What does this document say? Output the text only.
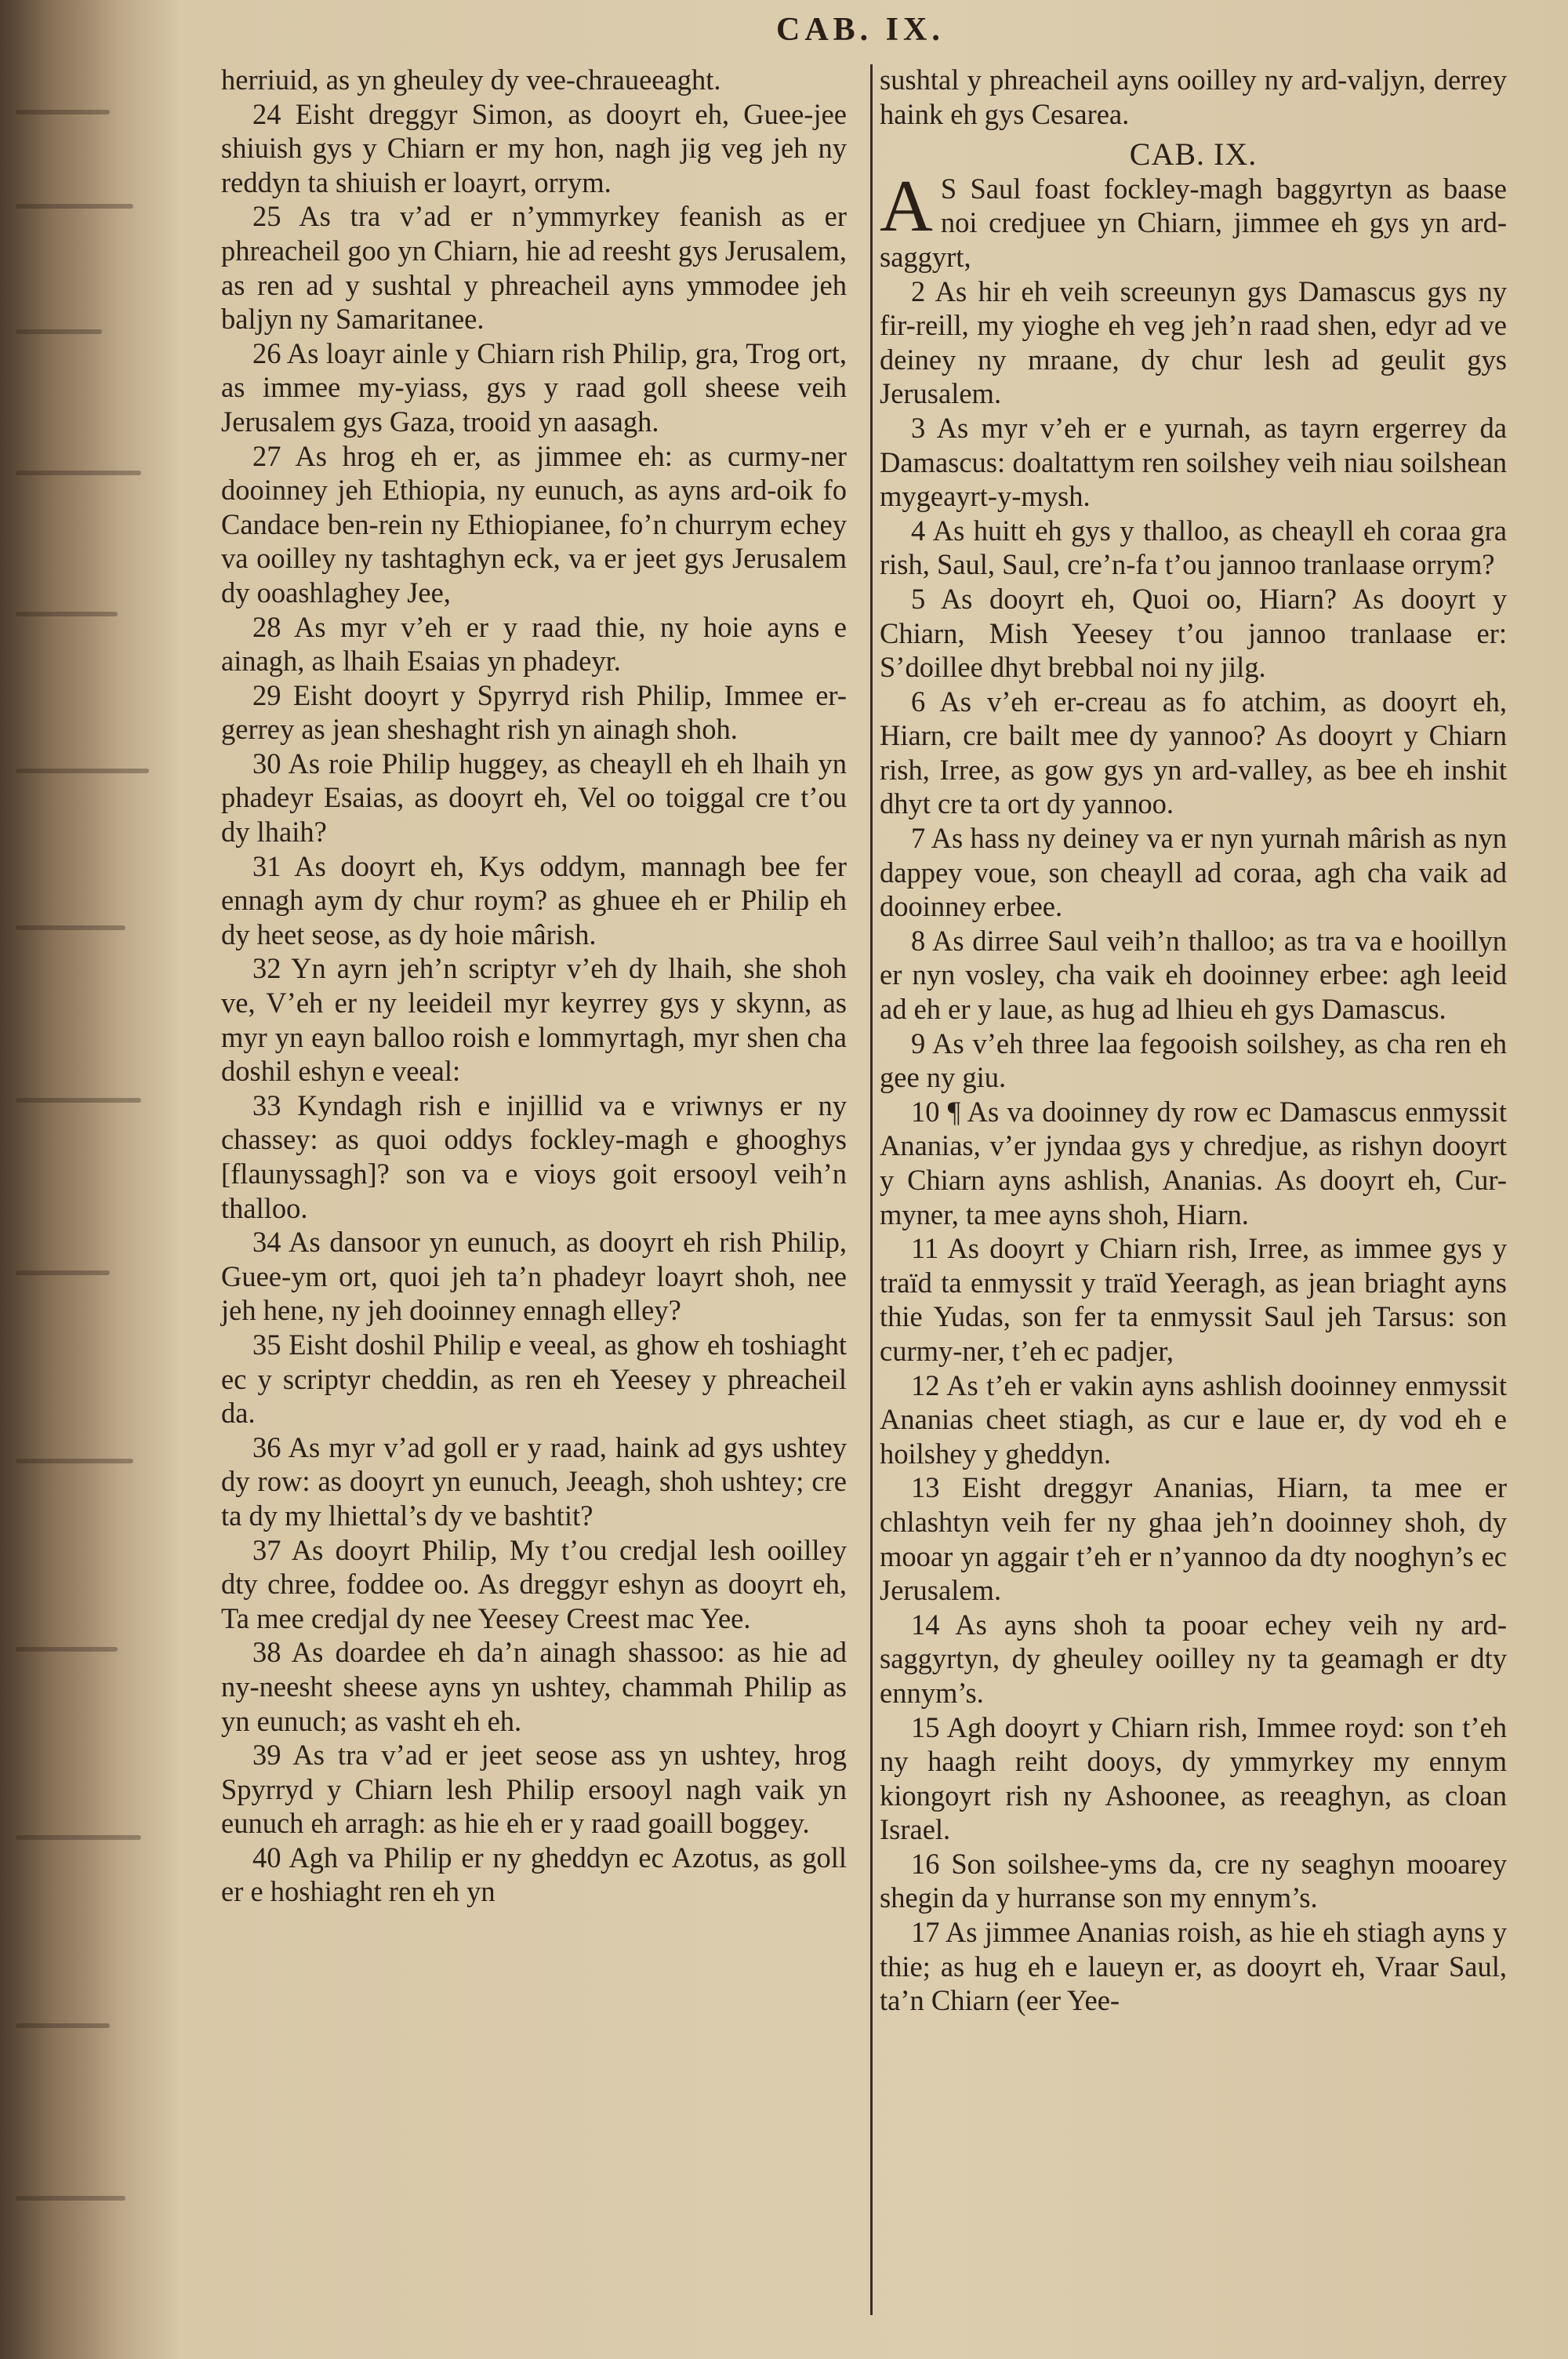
CAB. IX.

herriuid, as yn gheuley dy vee-chraueeaght.

24 Eisht dreggyr Simon, as dooyrt eh, Guee-jee shiuish gys y Chiarn er my hon, nagh jig veg jeh ny reddyn ta shiuish er loayrt, orrym.

25 As tra v’ad er n’ymmyrkey feanish as er phreacheil goo yn Chiarn, hie ad reesht gys Jerusalem, as ren ad y sushtal y phreacheil ayns ymmodee jeh baljyn ny Samaritanee.

26 As loayr ainle y Chiarn rish Philip, gra, Trog ort, as immee my-yiass, gys y raad goll sheese veih Jerusalem gys Gaza, trooid yn aasagh.

27 As hrog eh er, as jimmee eh: as curmy-ner dooinney jeh Ethiopia, ny eunuch, as ayns ard-oik fo Candace ben-rein ny Ethiopianee, fo’n churrym echey va ooilley ny tashtaghyn eck, va er jeet gys Jerusalem dy ooashlaghey Jee,

28 As myr v’eh er y raad thie, ny hoie ayns e ainagh, as lhaih Esaias yn phadeyr.

29 Eisht dooyrt y Spyrryd rish Philip, Immee er-gerrey as jean sheshaght rish yn ainagh shoh.

30 As roie Philip huggey, as cheayll eh eh lhaih yn phadeyr Esaias, as dooyrt eh, Vel oo toiggal cre t’ou dy lhaih?

31 As dooyrt eh, Kys oddym, mannagh bee fer ennagh aym dy chur roym? as ghuee eh er Philip eh dy heet seose, as dy hoie mârish.

32 Yn ayrn jeh’n scriptyr v’eh dy lhaih, she shoh ve, V’eh er ny leeideil myr keyrrey gys y skynn, as myr yn eayn balloo roish e lommyrtagh, myr shen cha doshil eshyn e veeal:

33 Kyndagh rish e injillid va e vriwnys er ny chassey: as quoi oddys fockley-magh e ghooghys [flaunyssagh]? son va e vioys goit ersooyl veih’n thalloo.

34 As dansoor yn eunuch, as dooyrt eh rish Philip, Guee-ym ort, quoi jeh ta’n phadeyr loayrt shoh, nee jeh hene, ny jeh dooinney ennagh elley?

35 Eisht doshil Philip e veeal, as ghow eh toshiaght ec y scriptyr cheddin, as ren eh Yeesey y phreacheil da.

36 As myr v’ad goll er y raad, haink ad gys ushtey dy row: as dooyrt yn eunuch, Jeeagh, shoh ushtey; cre ta dy my lhiettal’s dy ve bashtit?

37 As dooyrt Philip, My t’ou credjal lesh ooilley dty chree, foddee oo. As dreggyr eshyn as dooyrt eh, Ta mee credjal dy nee Yeesey Creest mac Yee.

38 As doardee eh da’n ainagh shassoo: as hie ad ny-neesht sheese ayns yn ushtey, chammah Philip as yn eunuch; as vasht eh eh.

39 As tra v’ad er jeet seose ass yn ushtey, hrog Spyrryd y Chiarn lesh Philip ersooyl nagh vaik yn eunuch eh arragh: as hie eh er y raad goaill boggey.

40 Agh va Philip er ny gheddyn ec Azotus, as goll er e hoshiaght ren eh yn

sushtal y phreacheil ayns ooilley ny ard-valjyn, derrey haink eh gys Cesarea.

CAB. IX.

A S Saul foast fockley-magh baggyrtyn as baase noi credjuee yn Chiarn, jimmee eh gys yn ard-saggyrt,

2 As hir eh veih screeunyn gys Damascus gys ny fir-reill, my yioghe eh veg jeh’n raad shen, edyr ad ve deiney ny mraane, dy chur lesh ad geulit gys Jerusalem.

3 As myr v’eh er e yurnah, as tayrn ergerrey da Damascus: doaltattym ren soilshey veih niau soilshean mygeayrt-y-mysh.

4 As huitt eh gys y thalloo, as cheayll eh coraa gra rish, Saul, Saul, cre’n-fa t’ou jannoo tranlaase orrym?

5 As dooyrt eh, Quoi oo, Hiarn? As dooyrt y Chiarn, Mish Yeesey t’ou jannoo tranlaase er: S’doillee dhyt brebbal noi ny jilg.

6 As v’eh er-creau as fo atchim, as dooyrt eh, Hiarn, cre bailt mee dy yannoo? As dooyrt y Chiarn rish, Irree, as gow gys yn ard-valley, as bee eh inshit dhyt cre ta ort dy yannoo.

7 As hass ny deiney va er nyn yurnah mârish as nyn dappey voue, son cheayll ad coraa, agh cha vaik ad dooinney erbee.

8 As dirree Saul veih’n thalloo; as tra va e hooillyn er nyn vosley, cha vaik eh dooinney erbee: agh leeid ad eh er y laue, as hug ad lhieu eh gys Damascus.

9 As v’eh three laa fegooish soilshey, as cha ren eh gee ny giu.

10 ¶ As va dooinney dy row ec Damascus enmyssit Ananias, v’er jyndaa gys y chredjue, as rishyn dooyrt y Chiarn ayns ashlish, Ananias. As dooyrt eh, Cur-myner, ta mee ayns shoh, Hiarn.

11 As dooyrt y Chiarn rish, Irree, as immee gys y traïd ta enmyssit y traïd Yeeragh, as jean briaght ayns thie Yudas, son fer ta enmyssit Saul jeh Tarsus: son curmy-ner, t’eh ec padjer,

12 As t’eh er vakin ayns ashlish dooinney enmyssit Ananias cheet stiagh, as cur e laue er, dy vod eh e hoilshey y gheddyn.

13 Eisht dreggyr Ananias, Hiarn, ta mee er chlashtyn veih fer ny ghaa jeh’n dooinney shoh, dy mooar yn aggair t’eh er n’yannoo da dty nooghyn’s ec Jerusalem.

14 As ayns shoh ta pooar echey veih ny ard-saggyrtyn, dy gheuley ooilley ny ta geamagh er dty ennym’s.

15 Agh dooyrt y Chiarn rish, Immee royd: son t’eh ny haagh reiht dooys, dy ymmyrkey my ennym kiongoyrt rish ny Ashoonee, as reeaghyn, as cloan Israel.

16 Son soilshee-yms da, cre ny seaghyn mooarey shegin da y hurranse son my ennym’s.

17 As jimmee Ananias roish, as hie eh stiagh ayns y thie; as hug eh e laueyn er, as dooyrt eh, Vraar Saul, ta’n Chiarn (eer Yee-
